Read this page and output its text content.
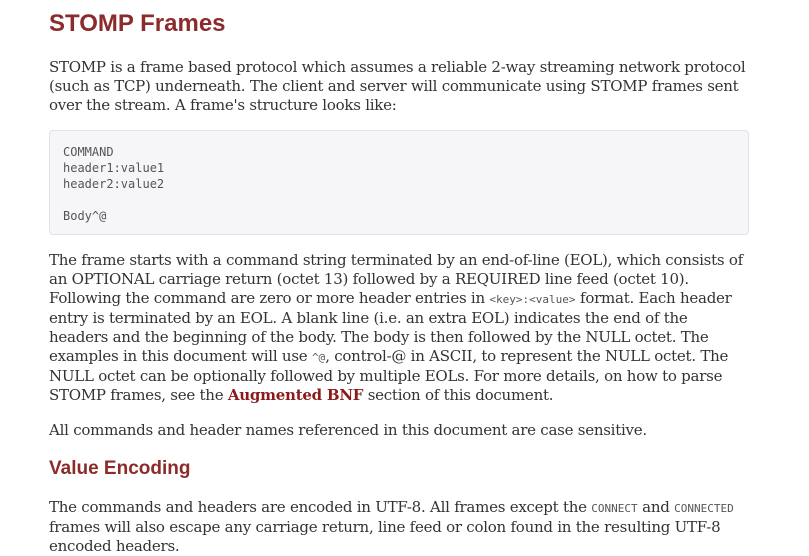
STOMP Frames

STOMP is a frame based protocol which assumes a reliable 2-way streaming network protocol (such as TCP) underneath. The client and server will communicate using STOMP frames sent over the stream. A frame's structure looks like:

COMMAND
header1:value1
header2:value2
Body^@

The frame starts with a command string terminated by an end-of-line (EOL), which consists of an OPTIONAL carriage return (octet 13) followed by a REQUIRED line feed (octet 10). Following the command are zero or more header entries in <key>:<value> format. Each header entry is terminated by an EOL. A blank line (i.e. an extra EOL) indicates the end of the headers and the beginning of the body. The body is then followed by the NULL octet. The examples in this document will use ^@, control-@ in ASCII, to represent the NULL octet. The NULL octet can be optionally followed by multiple EOLs. For more details, on how to parse STOMP frames, see the Augmented BNF section of this document.

All commands and header names referenced in this document are case sensitive.

Value Encoding

The commands and headers are encoded in UTF-8. All frames except the CONNECT and CONNECTED frames will also escape any carriage return, line feed or colon found in the resulting UTF-8 encoded headers.
